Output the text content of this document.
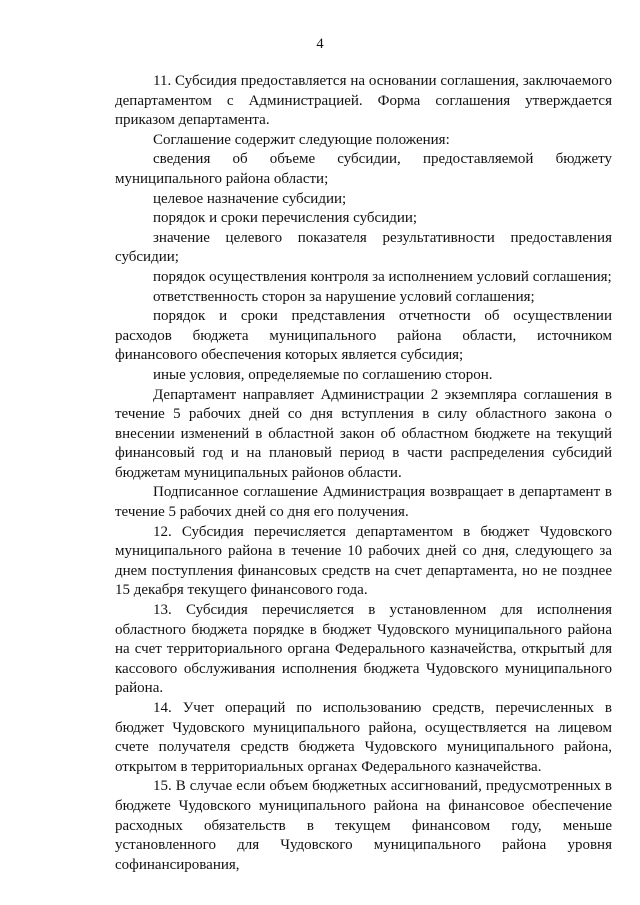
4

11. Субсидия предоставляется на основании соглашения, заключаемого департаментом с Администрацией. Форма соглашения утверждается приказом департамента.

Соглашение содержит следующие положения:

сведения об объеме субсидии, предоставляемой бюджету муниципального района области;

целевое назначение субсидии;

порядок и сроки перечисления субсидии;

значение целевого показателя результативности предоставления субсидии;

порядок осуществления контроля за исполнением условий соглашения;

ответственность сторон за нарушение условий соглашения;

порядок и сроки представления отчетности об осуществлении расходов бюджета муниципального района области, источником финансового обеспечения которых является субсидия;

иные условия, определяемые по соглашению сторон.

Департамент направляет Администрации 2 экземпляра соглашения в течение 5 рабочих дней со дня вступления в силу областного закона о внесении изменений в областной закон об областном бюджете на текущий финансовый год и на плановый период в части распределения субсидий бюджетам муниципальных районов области.

Подписанное соглашение Администрация возвращает в департамент в течение 5 рабочих дней со дня его получения.

12. Субсидия перечисляется департаментом в бюджет Чудовского муниципального района в течение 10 рабочих дней со дня, следующего за днем поступления финансовых средств на счет департамента, но не позднее 15 декабря текущего финансового года.

13. Субсидия перечисляется в установленном для исполнения областного бюджета порядке в бюджет Чудовского муниципального района на счет территориального органа Федерального казначейства, открытый для кассового обслуживания исполнения бюджета Чудовского муниципального района.

14. Учет операций по использованию средств, перечисленных в бюджет Чудовского муниципального района, осуществляется на лицевом счете получателя средств бюджета Чудовского муниципального района, открытом в территориальных органах Федерального казначейства.

15. В случае если объем бюджетных ассигнований, предусмотренных в бюджете Чудовского муниципального района на финансовое обеспечение расходных обязательств в текущем финансовом году, меньше установленного для Чудовского муниципального района уровня софинансирования,
